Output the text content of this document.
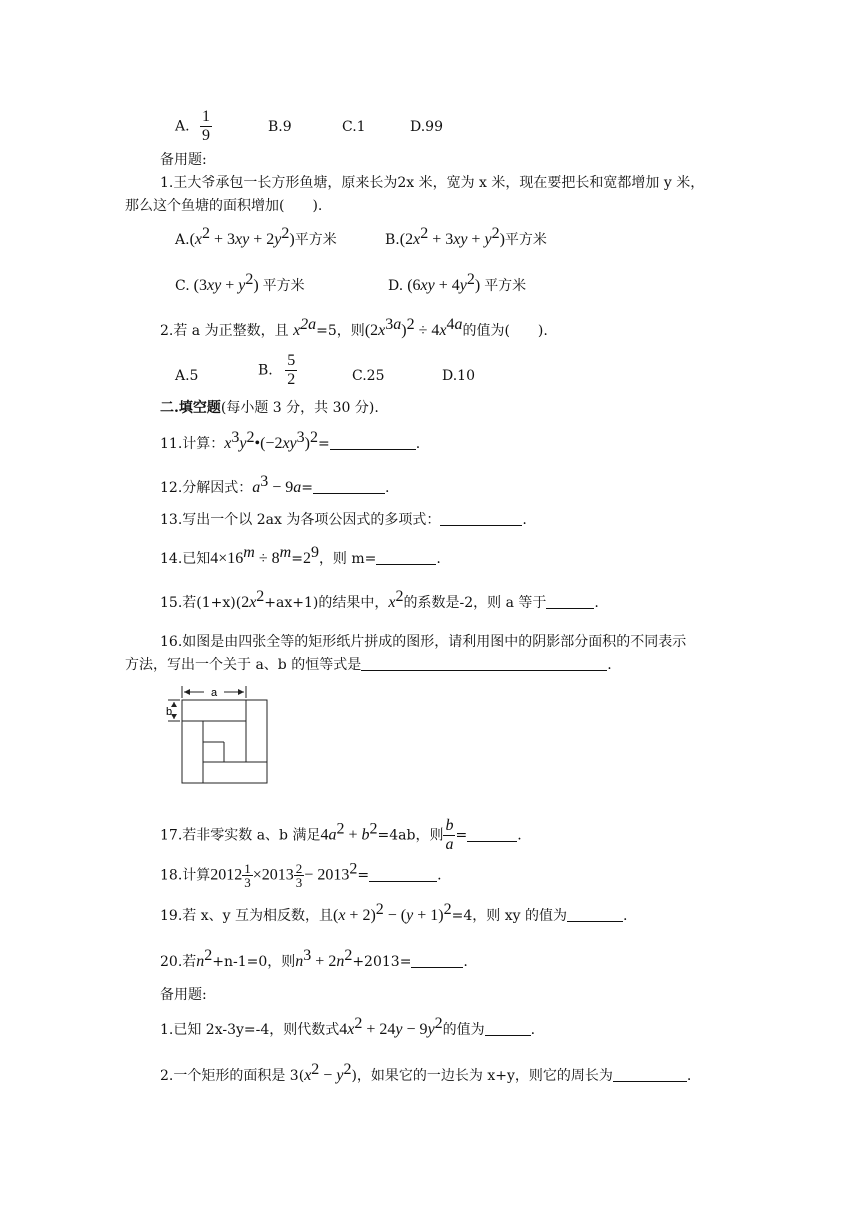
A. $\frac{1}{9}$	B.9	C.1	D.99
备用题:
1.王大爷承包一长方形鱼塘，原来长为2x 米，宽为 x 米，现在要把长和宽都增加 y 米，
那么这个鱼塘的面积增加(　　).
$A.(x^2 + 3xy + 2y^2)$平方米	$B.(2x^2 + 3xy + y^2)$平方米
C. $(3xy + y^2)$ 平方米	D. $(6xy + 4y^2)$ 平方米
2.若 a 为正整数，且 $x^{2a}=5$，则$(2x^{3a})^2 \div 4x^{4a}$的值为(　　).
A.5	B. $\frac{5}{2}$	C.25	D.10
二.填空题(每小题 3 分，共 30 分).
11.计算：$x^3y^2•(-2xy^3)^2=$	.
12.分解因式：$a^3 - 9a=$	.
13.写出一个以 2ax 为各项公因式的多项式：	.
14.已知$4\times 16^m \div 8^m=2^9$，则 m=	.
15.若$(1+x)(2x^2+ax+1)$的结果中，$x^2$的系数是-2，则 a 等于	.
16.如图是由四张全等的矩形纸片拼成的图形，请利用图中的阴影部分面积的不同表示
方法，写出一个关于 a、b 的恒等式是	.
a
b
17.若非零实数 a、b 满足$4a^2 + b^2=4ab$，则 $\frac{b}{a}$ =	.
18.计算$2012 \frac{1}{3} \times 2013 \frac{2}{3} - 2013^2=$	.
19.若 x、y 互为相反数，且$(x + 2)^2 - (y + 1)^2=4$，则 xy 的值为	.
20.若$n^2+n-1=0$，则$n^3 + 2n^2+2013=$	.
备用题:
1.已知 2x-3y=-4，则代数式$4x^2 + 24y - 9y^2$的值为	.
2.一个矩形的面积是 $3(x^2 - y^2)$，如果它的一边长为 x+y，则它的周长为	.
